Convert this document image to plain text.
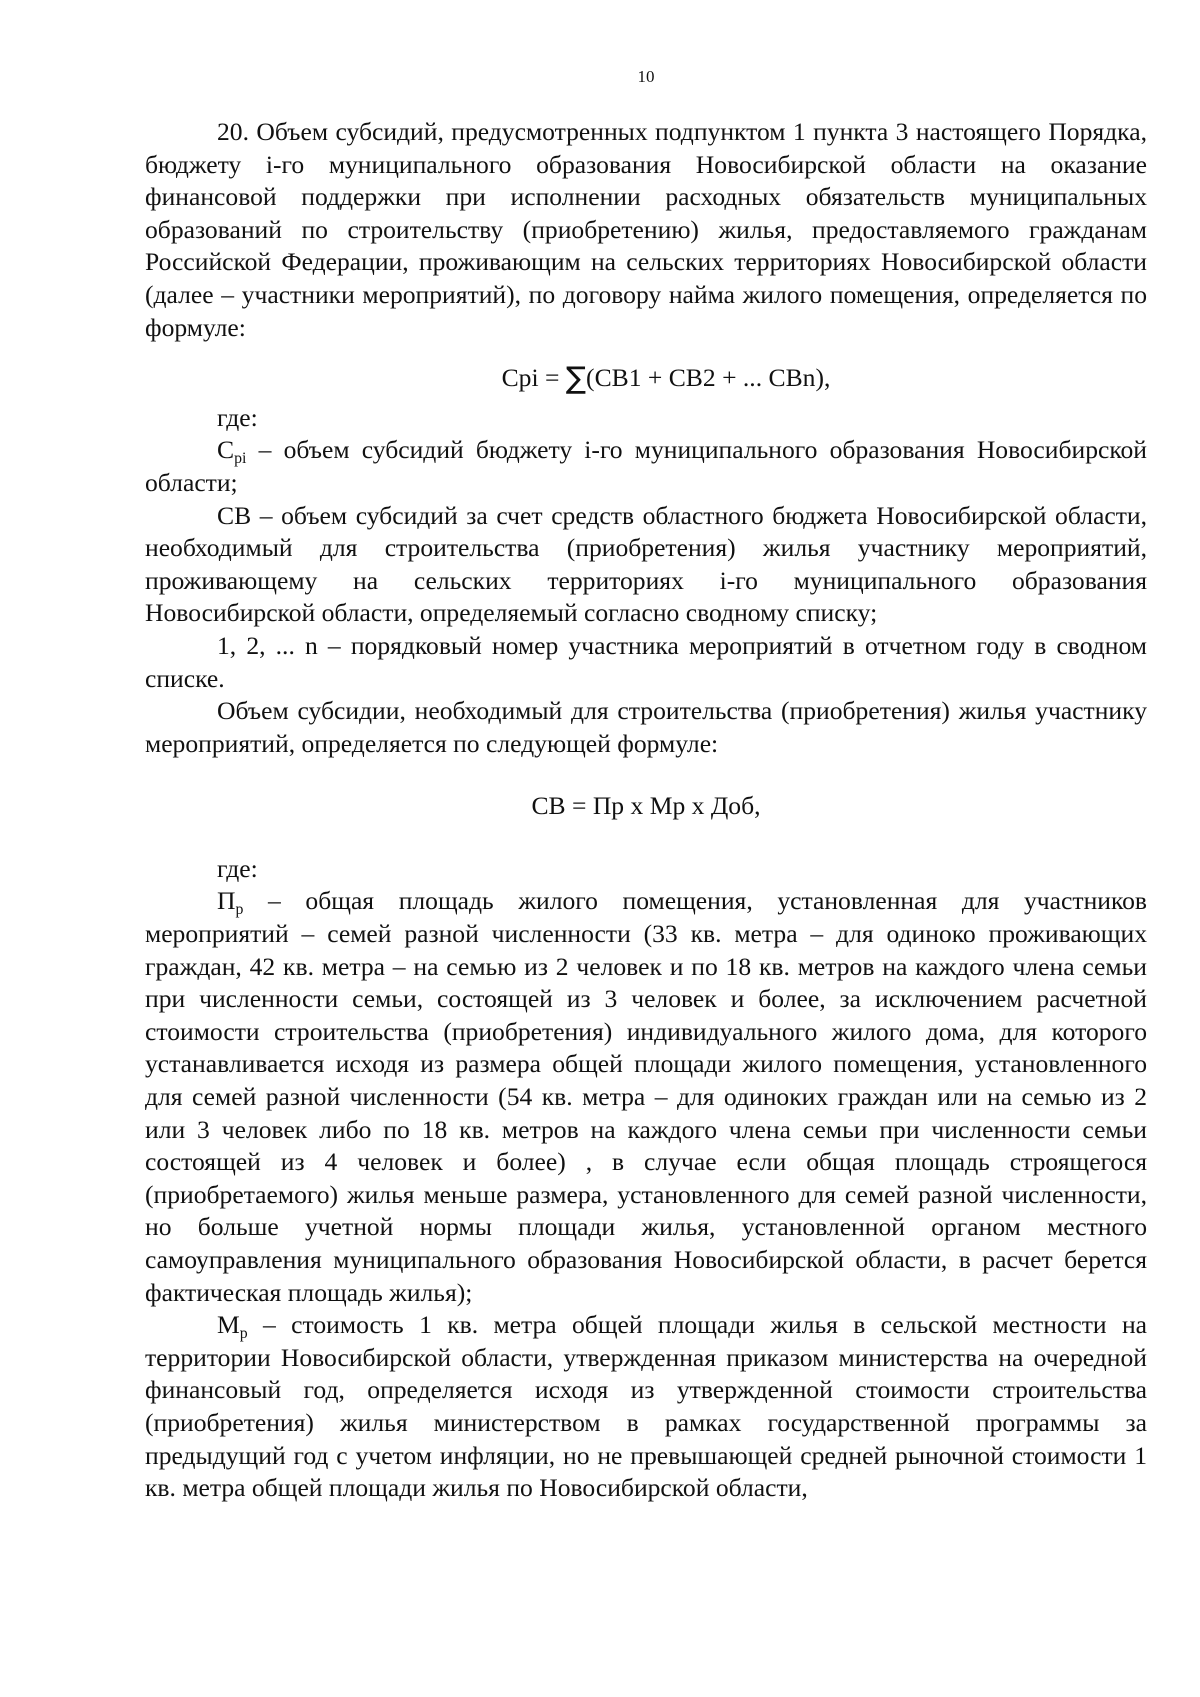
10

20. Объем субсидий, предусмотренных подпунктом 1 пункта 3 настоящего Порядка, бюджету i-го муниципального образования Новосибирской области на оказание финансовой поддержки при исполнении расходных обязательств муниципальных образований по строительству (приобретению) жилья, предоставляемого гражданам Российской Федерации, проживающим на сельских территориях Новосибирской области (далее – участники мероприятий), по договору найма жилого помещения, определяется по формуле:

Срi = ∑(СВ1 + СВ2 + ... СВn),

где:

$С_{рi}$ – объем субсидий бюджету i-го муниципального образования Новосибирской области;

СВ – объем субсидий за счет средств областного бюджета Новосибирской области, необходимый для строительства (приобретения) жилья участнику мероприятий, проживающему на сельских территориях i-го муниципального образования Новосибирской области, определяемый согласно сводному списку;

1, 2, ... n – порядковый номер участника мероприятий в отчетном году в сводном списке.

Объем субсидии, необходимый для строительства (приобретения) жилья участнику мероприятий, определяется по следующей формуле:

СВ = Пр х Мр х Доб,

где:

$П_р$ – общая площадь жилого помещения, установленная для участников мероприятий – семей разной численности (33 кв. метра – для одиноко проживающих граждан, 42 кв. метра – на семью из 2 человек и по 18 кв. метров на каждого члена семьи при численности семьи, состоящей из 3 человек и более, за исключением расчетной стоимости строительства (приобретения) индивидуального жилого дома, для которого устанавливается исходя из размера общей площади жилого помещения, установленного для семей разной численности (54 кв. метра – для одиноких граждан или на семью из 2 или 3 человек либо по 18 кв. метров на каждого члена семьи при численности семьи состоящей из 4 человек и более) , в случае если общая площадь строящегося (приобретаемого) жилья меньше размера, установленного для семей разной численности, но больше учетной нормы площади жилья, установленной органом местного самоуправления муниципального образования Новосибирской области, в расчет берется фактическая площадь жилья);

$М_р$ – стоимость 1 кв. метра общей площади жилья в сельской местности на территории Новосибирской области, утвержденная приказом министерства на очередной финансовый год, определяется исходя из утвержденной стоимости строительства (приобретения) жилья министерством в рамках государственной программы за предыдущий год с учетом инфляции, но не превышающей средней рыночной стоимости 1 кв. метра общей площади жилья по Новосибирской области,
